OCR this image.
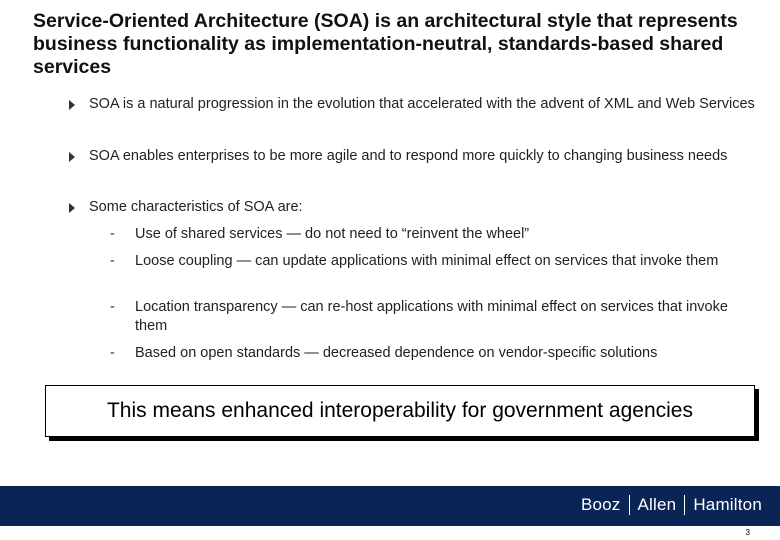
Service-Oriented Architecture (SOA) is an architectural style that represents business functionality as implementation-neutral, standards-based shared services
SOA is a natural progression in the evolution that accelerated with the advent of XML and Web Services
SOA enables enterprises to be more agile and to respond more quickly to changing business needs
Some characteristics of SOA are:
- Use of shared services — do not need to “reinvent the wheel”
- Loose coupling — can update applications with minimal effect on services that invoke them
- Location transparency — can re-host applications with minimal effect on services that invoke them
- Based on open standards — decreased dependence on vendor-specific solutions
This means enhanced interoperability for government agencies
Booz Allen Hamilton
3
